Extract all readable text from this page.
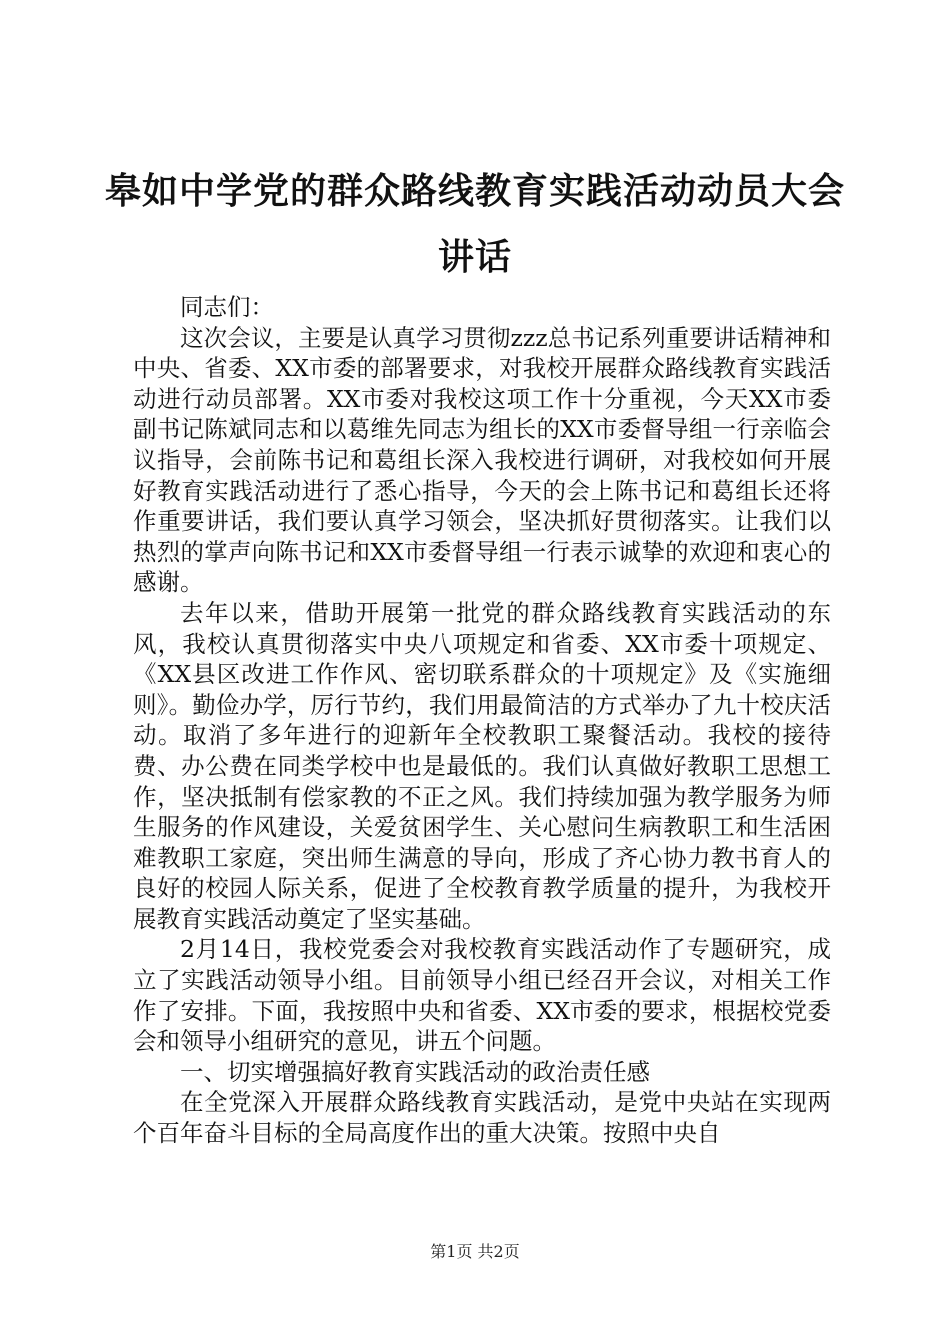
皋如中学党的群众路线教育实践活动动员大会讲话

同志们：

这次会议，主要是认真学习贯彻zzz总书记系列重要讲话精神和中央、省委、XX市委的部署要求，对我校开展群众路线教育实践活动进行动员部署。XX市委对我校这项工作十分重视，今天XX市委副书记陈斌同志和以葛维先同志为组长的XX市委督导组一行亲临会议指导，会前陈书记和葛组长深入我校进行调研，对我校如何开展好教育实践活动进行了悉心指导，今天的会上陈书记和葛组长还将作重要讲话，我们要认真学习领会，坚决抓好贯彻落实。让我们以热烈的掌声向陈书记和XX市委督导组一行表示诚挚的欢迎和衷心的感谢。

去年以来，借助开展第一批党的群众路线教育实践活动的东风，我校认真贯彻落实中央八项规定和省委、XX市委十项规定、《XX县区改进工作作风、密切联系群众的十项规定》及《实施细则》。勤俭办学，厉行节约，我们用最简洁的方式举办了九十校庆活动。取消了多年进行的迎新年全校教职工聚餐活动。我校的接待费、办公费在同类学校中也是最低的。我们认真做好教职工思想工作，坚决抵制有偿家教的不正之风。我们持续加强为教学服务为师生服务的作风建设，关爱贫困学生、关心慰问生病教职工和生活困难教职工家庭，突出师生满意的导向，形成了齐心协力教书育人的良好的校园人际关系，促进了全校教育教学质量的提升，为我校开展教育实践活动奠定了坚实基础。

2月14日，我校党委会对我校教育实践活动作了专题研究，成立了实践活动领导小组。目前领导小组已经召开会议，对相关工作作了安排。下面，我按照中央和省委、XX市委的要求，根据校党委会和领导小组研究的意见，讲五个问题。

一、切实增强搞好教育实践活动的政治责任感

在全党深入开展群众路线教育实践活动，是党中央站在实现两个百年奋斗目标的全局高度作出的重大决策。按照中央自

第1页 共2页
